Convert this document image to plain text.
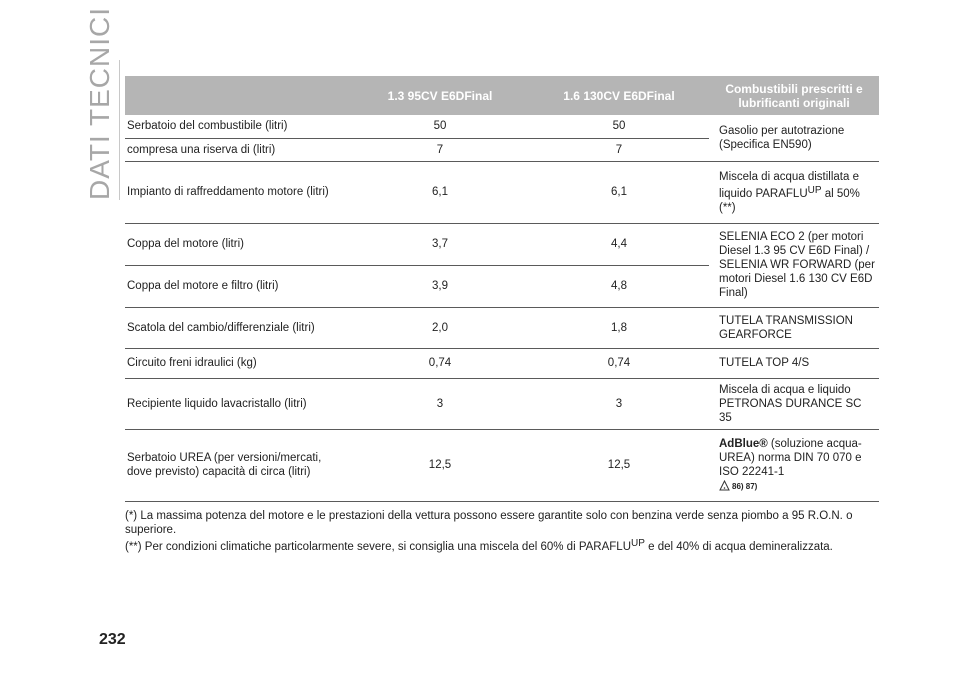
DATI TECNICI
		1.3 95CV E6DFinal	1.6 130CV E6DFinal	Combustibili prescritti e lubrificanti originali
Serbatoio del combustibile (litri)	50	50	Gasolio per autotrazione (Specifica EN590)
compresa una riserva di (litri)	7	7	
Impianto di raffreddamento motore (litri)	6,1	6,1	Miscela di acqua distillata e liquido $PARAFLU^{UP}$ al 50% (**)
Coppa del motore (litri)	3,7	4,4	SELENIA ECO 2 (per motori Diesel 1.3 95 CV E6D Final) / SELENIA WR FORWARD (per motori Diesel 1.6 130 CV E6D Final)
Coppa del motore e filtro (litri)	3,9	4,8	
Scatola del cambio/differenziale (litri)	2,0	1,8	TUTELA TRANSMISSION GEARFORCE
Circuito freni idraulici (kg)	0,74	0,74	TUTELA TOP 4/S
Recipiente liquido lavacristallo (litri)	3	3	Miscela di acqua e liquido PETRONAS DURANCE SC 35
Serbatoio UREA (per versioni/mercati, dove previsto) capacità di circa (litri)	12,5	12,5	AdBlue® (soluzione acqua-UREA) norma DIN 70 070 e ISO 22241-1
86) 87)

(*) La massima potenza del motore e le prestazioni della vettura possono essere garantite solo con benzina verde senza piombo a 95 R.O.N. o superiore.

(**) Per condizioni climatiche particolarmente severe, si consiglia una miscela del 60% di $PARAFLU^{UP}$ e del 40% di acqua demineralizzata.

232
